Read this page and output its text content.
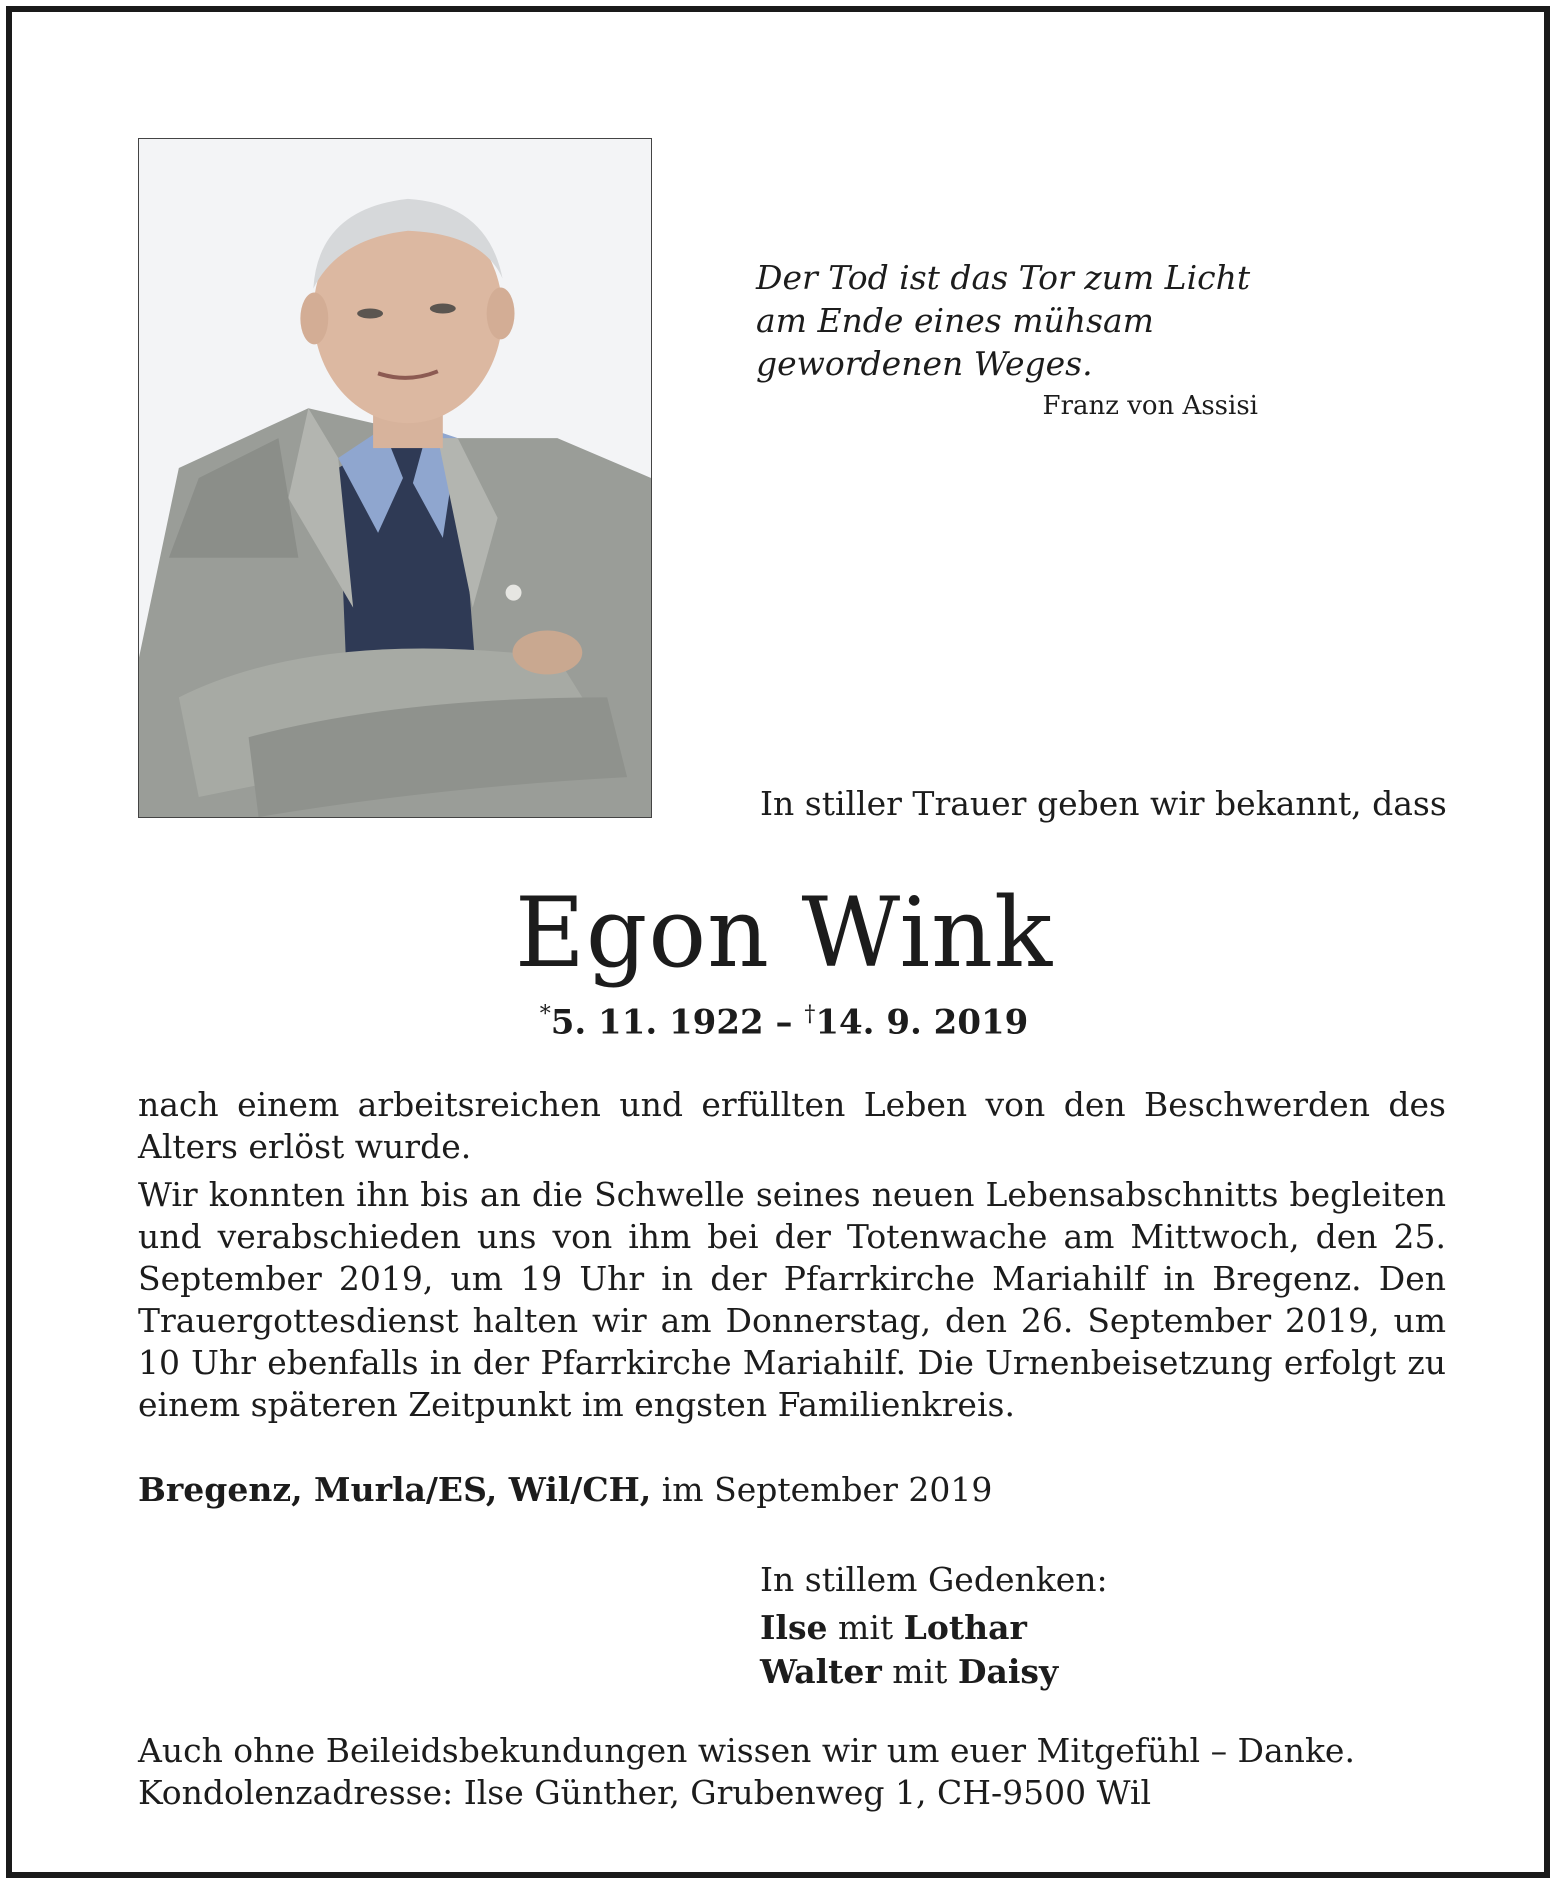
Der Tod ist das Tor zum Licht
am Ende eines mühsam
gewordenen Weges.
Franz von Assisi
In stiller Trauer geben wir bekannt, dass
Egon Wink
*5. 11. 1922 – †14. 9. 2019

nach einem arbeitsreichen und erfüllten Leben von den Beschwerden des Alters erlöst wurde.

Wir konnten ihn bis an die Schwelle seines neuen Lebensabschnitts begleiten und verabschieden uns von ihm bei der Totenwache am Mittwoch, den 25. September 2019, um 19 Uhr in der Pfarrkirche Mariahilf in Bregenz. Den Trauergottesdienst halten wir am Donnerstag, den 26. September 2019, um 10 Uhr ebenfalls in der Pfarrkirche Mariahilf. Die Urnenbeisetzung erfolgt zu einem späteren Zeitpunkt im engsten Familienkreis.

Bregenz, Murla/ES, Wil/CH, im September 2019
In stillem Gedenken:
Ilse mit Lothar
Walter mit Daisy
Auch ohne Beileidsbekundungen wissen wir um euer Mitgefühl – Danke.
Kondolenzadresse: Ilse Günther, Grubenweg 1, CH-9500 Wil
